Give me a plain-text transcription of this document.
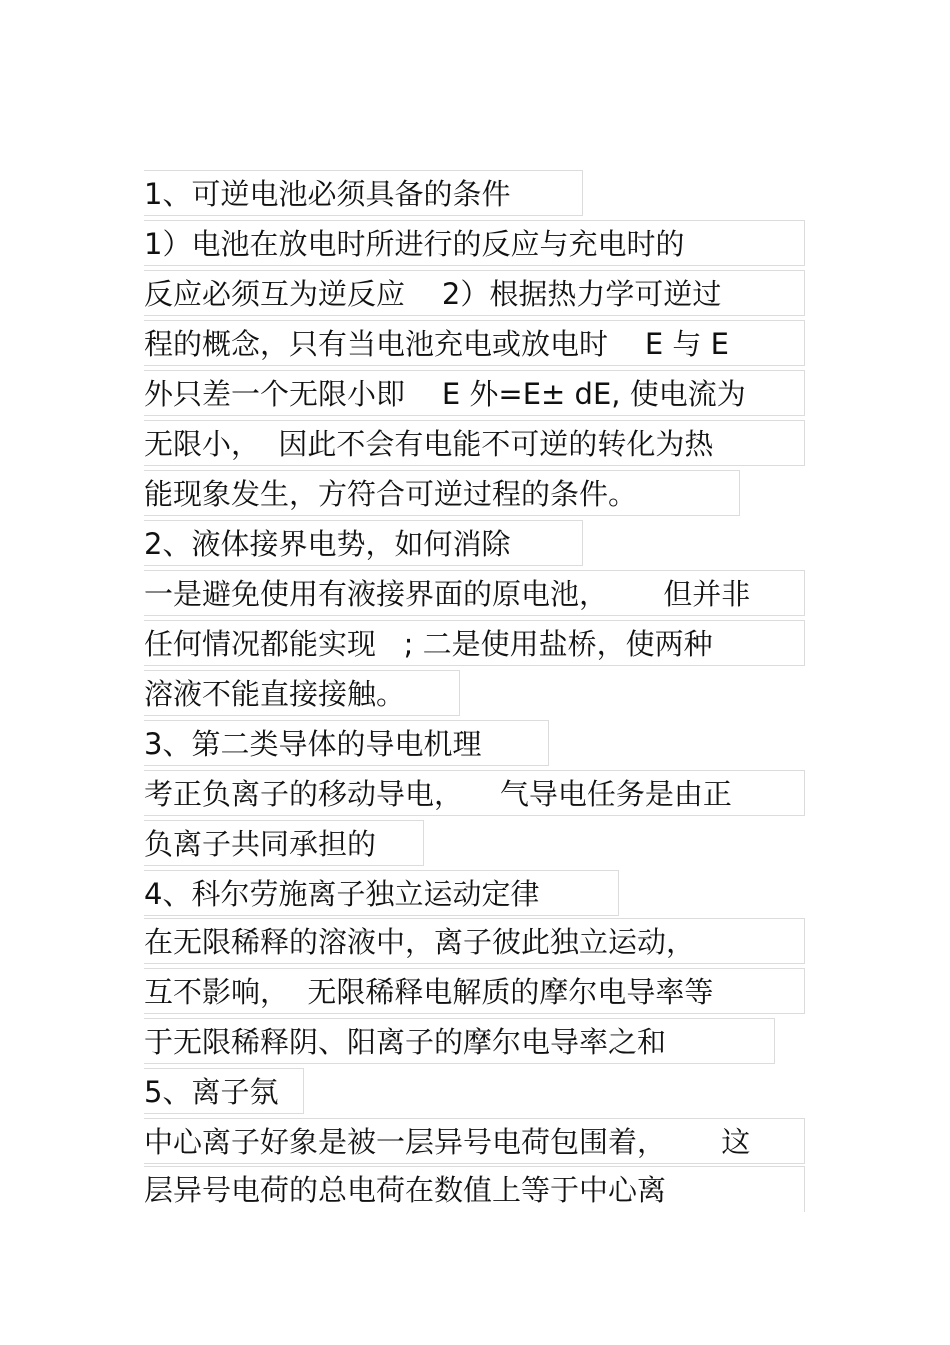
1、可逆电池必须具备的条件
1）电池在放电时所进行的反应与充电时的
反应必须互为逆反应    2）根据热力学可逆过
程的概念，只有当电池充电或放电时    E 与 E
外只差一个无限小即    E 外=E± dE, 使电流为
无限小，  因此不会有电能不可逆的转化为热
能现象发生，方符合可逆过程的条件。
2、液体接界电势，如何消除
一是避免使用有液接界面的原电池，      但并非
任何情况都能实现   ; 二是使用盐桥，使两种
溶液不能直接接触。
3、第二类导体的导电机理
考正负离子的移动导电，    气导电任务是由正
负离子共同承担的
4、科尔劳施离子独立运动定律
在无限稀释的溶液中，离子彼此独立运动，
互不影响，  无限稀释电解质的摩尔电导率等
于无限稀释阴、阳离子的摩尔电导率之和
5、离子氛
中心离子好象是被一层异号电荷包围着，      这
层异号电荷的总电荷在数值上等于中心离
